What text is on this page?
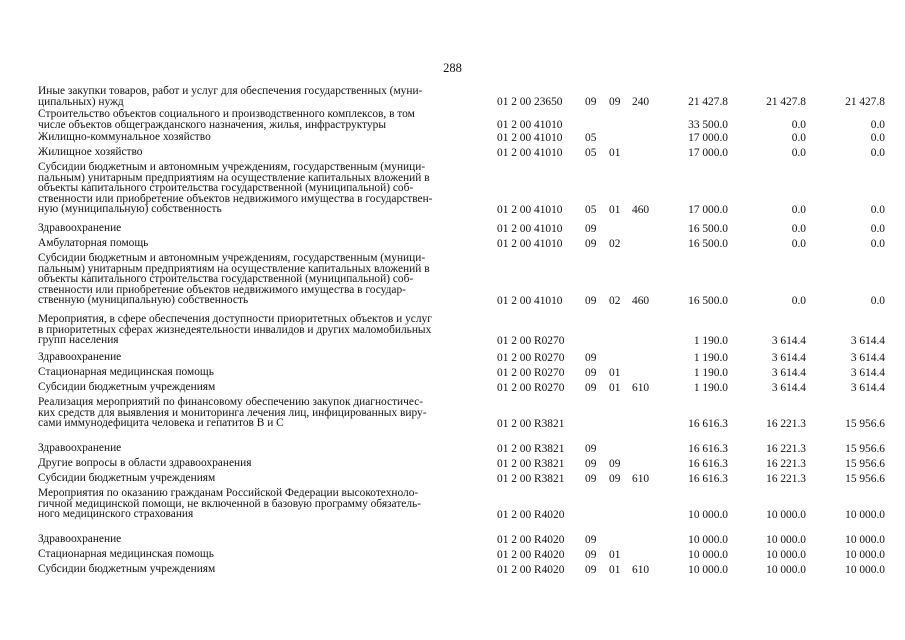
288
Иные закупки товаров, работ и услуг для обеспечения государственных (муни-
ципальных) нужд	01 2 00 23650 09 09 240	21 427.8	21 427.8	21 427.8
Строительство объектов социального и производственного комплексов, в том
числе объектов общегражданского назначения, жилья, инфраструктуры	01 2 00 41010	33 500.0	0.0	0.0
Жилищно-коммунальное хозяйство	01 2 00 41010 05	17 000.0	0.0	0.0
Жилищное хозяйство	01 2 00 41010 05 01	17 000.0	0.0	0.0
Субсидии бюджетным и автономным учреждениям, государственным (муници-
пальным) унитарным предприятиям на осуществление капитальных вложений в
объекты капитального строительства государственной (муниципальной) соб-
ственности или приобретение объектов недвижимого имущества в государствен-
ную (муниципальную) собственность	01 2 00 41010 05 01 460	17 000.0	0.0	0.0
Здравоохранение	01 2 00 41010 09	16 500.0	0.0	0.0
Амбулаторная помощь	01 2 00 41010 09 02	16 500.0	0.0	0.0
Субсидии бюджетным и автономным учреждениям, государственным (муници-
пальным) унитарным предприятиям на осуществление капитальных вложений в
объекты капитального строительства государственной (муниципальной) соб-
ственности или приобретение объектов недвижимого имущества в государ-
ственную (муниципальную) собственность	01 2 00 41010 09 02 460	16 500.0	0.0	0.0
Мероприятия, в сфере обеспечения доступности приоритетных объектов и услуг
в приоритетных сферах жизнедеятельности инвалидов и других маломобильных
групп населения	01 2 00 R0270	1 190.0	3 614.4	3 614.4
Здравоохранение	01 2 00 R0270 09	1 190.0	3 614.4	3 614.4
Стационарная медицинская помощь	01 2 00 R0270 09 01	1 190.0	3 614.4	3 614.4
Субсидии бюджетным учреждениям	01 2 00 R0270 09 01 610	1 190.0	3 614.4	3 614.4
Реализация мероприятий по финансовому обеспечению закупок диагностичес-
ких средств для выявления и мониторинга лечения лиц, инфицированных виру-
сами иммунодефицита человека и гепатитов В и С	01 2 00 R3821	16 616.3	16 221.3	15 956.6
Здравоохранение	01 2 00 R3821 09	16 616.3	16 221.3	15 956.6
Другие вопросы в области здравоохранения	01 2 00 R3821 09 09	16 616.3	16 221.3	15 956.6
Субсидии бюджетным учреждениям	01 2 00 R3821 09 09 610	16 616.3	16 221.3	15 956.6
Мероприятия по оказанию гражданам Российской Федерации высокотехноло-
гичной медицинской помощи, не включенной в базовую программу обязатель-
ного медицинского страхования	01 2 00 R4020	10 000.0	10 000.0	10 000.0
Здравоохранение	01 2 00 R4020 09	10 000.0	10 000.0	10 000.0
Стационарная медицинская помощь	01 2 00 R4020 09 01	10 000.0	10 000.0	10 000.0
Субсидии бюджетным учреждениям	01 2 00 R4020 09 01 610	10 000.0	10 000.0	10 000.0
